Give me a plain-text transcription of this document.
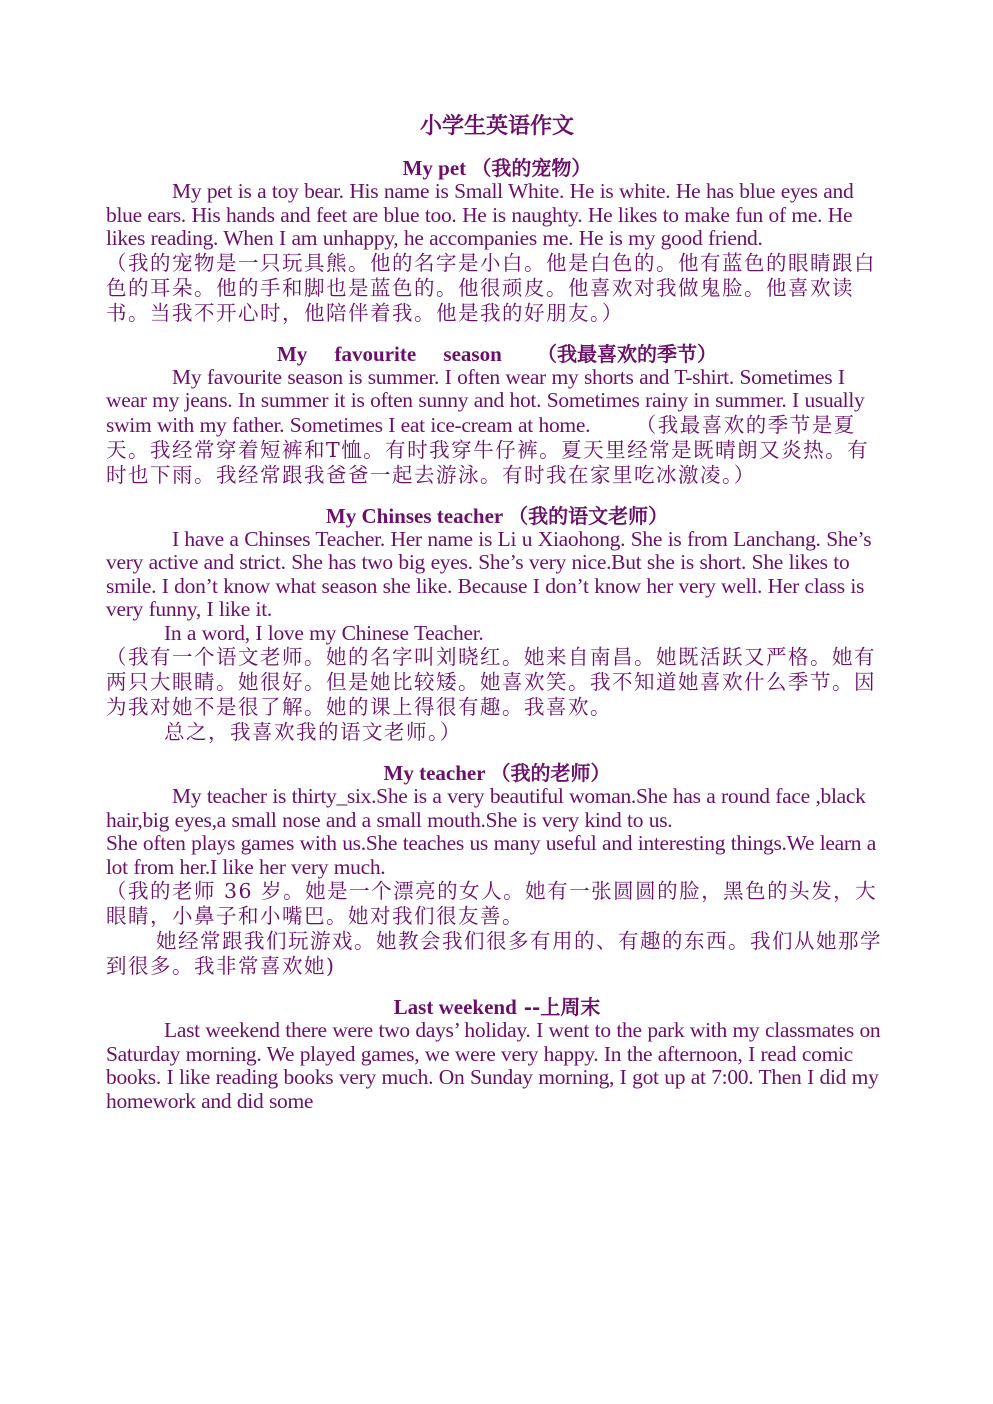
小学生英语作文
My pet （我的宠物）

My pet is a toy bear. His name is Small White. He is white. He has blue eyes and blue ears. His hands and feet are blue too. He is naughty. He likes to make fun of me. He likes reading. When I am unhappy, he accompanies me. He is my good friend.

（我的宠物是一只玩具熊。他的名字是小白。他是白色的。他有蓝色的眼睛跟白色的耳朵。他的手和脚也是蓝色的。他很顽皮。他喜欢对我做鬼脸。他喜欢读书。当我不开心时，他陪伴着我。他是我的好朋友。）

My favourite season （我最喜欢的季节）

My favourite season is summer. I often wear my shorts and T-shirt. Sometimes I wear my jeans. In summer it is often sunny and hot. Sometimes rainy in summer. I usually swim with my father. Sometimes I eat ice-cream at home. （我最喜欢的季节是夏天。我经常穿着短裤和T恤。有时我穿牛仔裤。夏天里经常是既晴朗又炎热。有时也下雨。我经常跟我爸爸一起去游泳。有时我在家里吃冰激凌。）

My Chinses teacher （我的语文老师）

I have a Chinses Teacher. Her name is Li u Xiaohong. She is from Lanchang. She’s very active and strict. She has two big eyes. She’s very nice.But she is short. She likes to smile. I don’t know what season she like. Because I don’t know her very well. Her class is very funny, I like it.

In a word, I love my Chinese Teacher.

（我有一个语文老师。她的名字叫刘晓红。她来自南昌。她既活跃又严格。她有两只大眼睛。她很好。但是她比较矮。她喜欢笑。我不知道她喜欢什么季节。因为我对她不是很了解。她的课上得很有趣。我喜欢。

总之，我喜欢我的语文老师。）

My teacher （我的老师）

My teacher is thirty_six.She is a very beautiful woman.She has a round face ,black hair,big eyes,a small nose and a small mouth.She is very kind to us.

She often plays games with us.She teaches us many useful and interesting things.We learn a lot from her.I like her very much.

（我的老师 36 岁。她是一个漂亮的女人。她有一张圆圆的脸，黑色的头发，大眼睛，小鼻子和小嘴巴。她对我们很友善。

她经常跟我们玩游戏。她教会我们很多有用的、有趣的东西。我们从她那学到很多。我非常喜欢她)

Last weekend --上周末

Last weekend there were two days’ holiday. I went to the park with my classmates on Saturday morning. We played games, we were very happy. In the afternoon, I read comic books. I like reading books very much. On Sunday morning, I got up at 7:00. Then I did my homework and did some
